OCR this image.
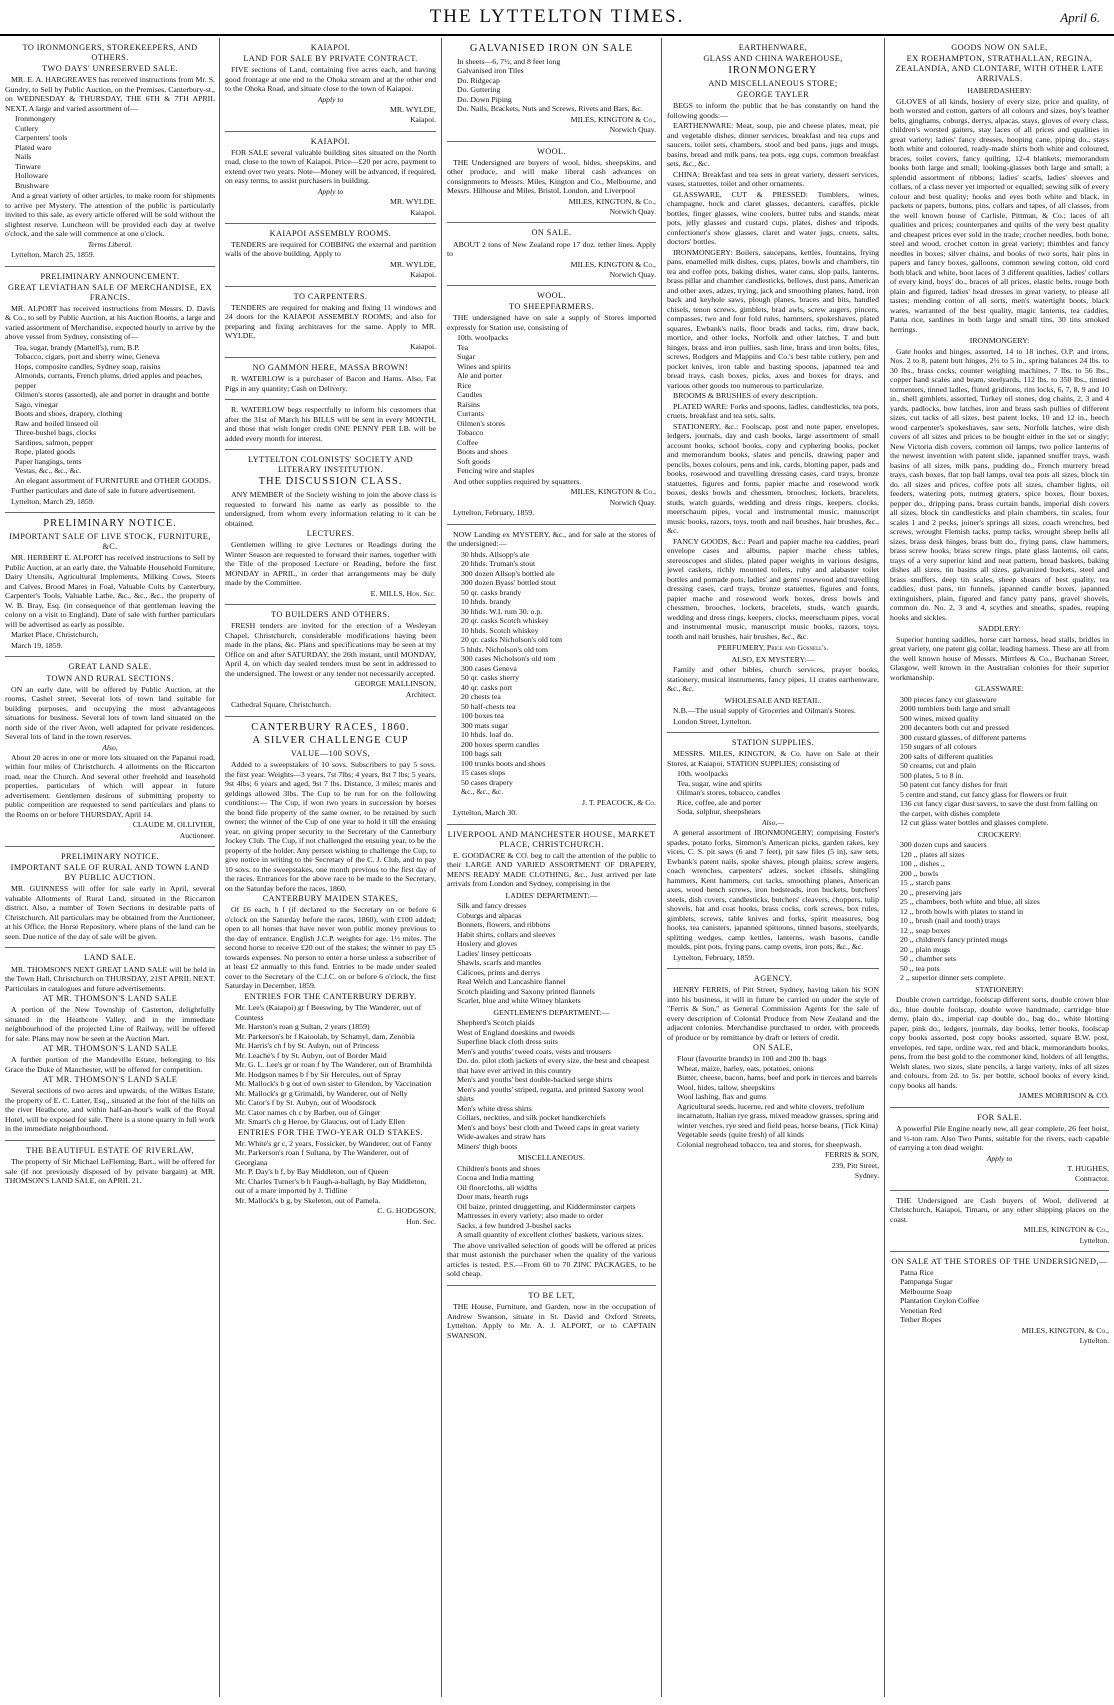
THE LYTTELTON TIMES.	April 6.
TO IRONMONGERS, STOREKEEPERS, AND OTHERS.
TWO DAYS' UNRESERVED SALE.
MR. E. A. HARGREAVES has received instructions from Mr. S. Gundry, to Sell by Public Auction, on the Premises, Canterbury-st., on WEDNESDAY & THURSDAY, THE 6TH & 7TH APRIL NEXT, A large and varied assortment of—
Ironmongery
Cutlery
Carpenters' tools
Plated ware
Nails
Tinware
Holloware
Brushware
And a great variety of other articles, to make room for shipments to arrive per Mystery. The attention of the public is particularly invited to this sale, as every article offered will be sold without the slightest reserve. Luncheon will be provided each day at twelve o'clock, and the sale will commence at one o'clock.
Terms Liberal.
Lyttelton, March 25, 1859.
PRELIMINARY ANNOUNCEMENT.
GREAT LEVIATHAN SALE OF MERCHANDISE, EX FRANCIS.
MR. ALPORT has received instructions from Messrs. D. Davis & Co., to sell by Public Auction, at his Auction Rooms, a large and varied assortment of Merchandise, expected hourly to arrive by the above vessel from Sydney, consisting of—
Tea, sugar, brandy (Martell's), rum, B.P.
Tobacco, cigars, port and sherry wine, Geneva
Hops, composite candles, Sydney soap, raisins
Almonds, currants, French plums, dried apples and peaches, pepper
Oilmen's stores (assorted), ale and porter in draught and bottle
Sago, vinegar
Boots and shoes, drapery, clothing
Raw and boiled linseed oil
Three-bushel bags, clocks
Sardines, salmon, pepper
Rope, plated goods
Paper hangings, tents
Vestas, &c., &c., &c.
An elegant assortment of FURNITURE and OTHER GOODS.
Further particulars and date of sale in future advertisement.
Lyttelton, March 29, 1859.
PRELIMINARY NOTICE.
IMPORTANT SALE OF LIVE STOCK, FURNITURE, &C.
MR. HERBERT E. ALPORT has received instructions to Sell by Public Auction, at an early date, the Valuable Household Furniture, Dairy Utensils, Agricultural Implements, Milking Cows, Steers and Calves, Brood Mares in Foal, Valuable Colts by Canterbury, Carpenter's Tools, Valuable Lathe, &c., &c., &c., the property of W. B. Bray, Esq. (in consequence of that gentleman leaving the colony on a visit to England). Date of sale with further particulars will be advertised as early as possible.
Market Place, Christchurch,
March 19, 1859.
GREAT LAND SALE.
TOWN AND RURAL SECTIONS.
ON an early date, will be offered by Public Auction, at the rooms, Cashel street, Several lots of town land suitable for building purposes, and occupying the most advantageous situations for business. Several lots of town land situated on the north side of the river Avon, well adapted for private residences. Several lots of land in the town reserves.
Also,
About 20 acres in one or more lots situated on the Papanui road, within four miles of Christchurch. 4 allotments on the Riccarton road, near the Church. And several other freehold and leasehold properties, particulars of which will appear in future advertisement. Gentlemen desirous of submitting property to public competition are requested to send particulars and plans to the Rooms on or before THURSDAY, April 14.
CLAUDE M. OLLIVIER,
Auctioneer.
PRELIMINARY NOTICE.
IMPORTANT SALE OF RURAL AND TOWN LAND BY PUBLIC AUCTION.
MR. GUINNESS will offer for sale early in April, several valuable Allotments of Rural Land, situated in the Riccarton district. Also, a number of Town Sections in desirable parts of Christchurch. All particulars may be obtained from the Auctioneer, at his Office, the Horse Repository, where plans of the land can be seen. Due notice of the day of sale will be given.
LAND SALE.
MR. THOMSON'S NEXT GREAT LAND SALE will be held in the Town Hall, Christchurch on THURSDAY, 21ST APRIL NEXT. Particulars in catalogues and future advertisements.
AT MR. THOMSON'S LAND SALE
A portion of the New Township of Casterton, delightfully situated in the Heathcote Valley, and in the immediate neighbourhood of the projected Line of Railway, will be offered for sale. Plans may now be seen at the Auction Mart.
AT MR. THOMSON'S LAND SALE
A further portion of the Mandeville Estate, belonging to his Grace the Duke of Manchester, will be offered for competition.
AT MR. THOMSON'S LAND SALE
Several sections of two acres and upwards, of the Wilkes Estate, the property of E. C. Latter, Esq., situated at the foot of the hills on the river Heathcote, and within half-an-hour's walk of the Royal Hotel, will be exposed for sale. There is a stone quarry in full work in the immediate neighbourhood.
THE BEAUTIFUL ESTATE OF RIVERLAW,
The property of Sir Michael LeFleming, Bart., will be offered for sale (if not previously disposed of by private bargain) at MR. THOMSON'S LAND SALE, on APRIL 21.
KAIAPOI.
LAND FOR SALE BY PRIVATE CONTRACT.
FIVE sections of Land, containing five acres each, and having good frontage at one end to the Ohoka stream and at the other end to the Ohoka Road, and situate close to the town of Kaiapoi.
Apply to
MR. WYLDE,
Kaiapoi.
KAIAPOI.
FOR SALE several valuable building sites situated on the North road, close to the town of Kaiapoi. Price—£20 per acre, payment to extend over two years. Note—Money will be advanced, if required, on easy terms, to assist purchasers in building.
Apply to
MR. WYLDE.
Kaiapoi.
KAIAPOI ASSEMBLY ROOMS.
TENDERS are required for COBBING the external and partition walls of the above building. Apply to
MR. WYLDE,
Kaiapoi.
TO CARPENTERS.
TENDERS are required for making and fixing 11 windows and 24 doors for the KAIAPOI ASSEMBLY ROOMS; and also for preparing and fixing architraves for the same. Apply to MR. WYLDE,
Kaiapoi.
NO GAMMON HERE, MASSA BROWN!
R. WATERLOW is a purchaser of Bacon and Hams. Also, Fat Pigs in any quantity; Cash on Delivery.
R. WATERLOW begs respectfully to inform his customers that after the 31st of March his BILLS will be sent in every MONTH, and those that wish longer credit ONE PENNY PER LB. will be added every month for interest.
LYTTELTON COLONISTS' SOCIETY AND LITERARY INSTITUTION.
THE DISCUSSION CLASS.
ANY MEMBER of the Society wishing to join the above class is requested to forward his name as early as possible to the undersigned, from whom every information relating to it can be obtained.
LECTURES.
Gentlemen willing to give Lectures or Readings during the Winter Season are requested to forward their names, together with the Title of the proposed Lecture or Reading, before the first MONDAY in APRIL, in order that arrangements may be duly made by the Committee.
E. MILLS, Hon. Sec.
TO BUILDERS AND OTHERS.
FRESH tenders are invited for the erection of a Wesleyan Chapel, Christchurch, considerable modifications having been made in the plans, &c. Plans and specifications may be seen at my Office on and after SATURDAY, the 26th instant, until MONDAY, April 4, on which day sealed tenders must be sent in addressed to the undersigned. The lowest or any tender not necessarily accepted.
GEORGE MALLINSON,
Architect.
Cathedral Square, Christchurch.
CANTERBURY RACES, 1860.
A SILVER CHALLENGE CUP
VALUE—100 SOVS,
Added to a sweepstakes of 10 sovs. Subscribers to pay 5 sovs. the first year. Weights—3 years, 7st 7lbs; 4 years, 8st 7 lbs; 5 years, 9st 4lbs; 6 years and aged, 9st 7 lbs. Distance, 3 miles; mares and geldings allowed 3lbs. The Cup to be run for on the following conditions:— The Cup, if won two years in succession by horses the bond fide property of the same owner, to be retained by such owner; the winner of the Cup of one year to hold it till the ensuing year, on giving proper security to the Secretary of the Canterbury Jockey Club. The Cup, if not challenged the ensuing year, to be the property of the holder. Any person wishing to challenge the Cup, to give notice in writing to the Secretary of the C. J. Club, and to pay 10 sovs. to the sweepstakes, one month previous to the first day of the races. Entrances for the above race to be made to the Secretary, on the Saturday before the races, 1860.
CANTERBURY MAIDEN STAKES,
Of £6 each, h f (if declared to the Secretary on or before 6 o'clock on the Saturday before the races, 1860), with £100 added; open to all horses that have never won public money previous to the day of entrance. English J.C.P. weights for age. 1½ miles. The second horse to receive £20 out of the stakes; the winner to pay £5 towards expenses. No person to enter a horse unless a subscriber of at least £2 annually to this fund. Entries to be made under sealed cover to the Secretary of the C.J.C. on or before 6 o'clock, the first Saturday in December, 1859.
ENTRIES FOR THE CANTERBURY DERBY.
Mr. Lee's (Kaiapoi) gr f Beeswing, by The Wanderer, out of Countess
Mr. Harston's roan g Sultan, 2 years (1859)
Mr. Parkerson's br f Kaioolab, by Schamyl, dam, Zenobia
Mr. Harris's ch f by St. Aubyn, out of Princess
Mr. Leache's f by St. Aubyn, out of Border Maid
Mr. G. L. Lee's gr or roan f by The Wanderer, out of Bramhilda
Mr. Hodgson names b f by Sir Hercules, out of Spray
Mr. Mallock's b g out of own sister to Glendon, by Vaccination
Mr. Mallock's gr g Grimaldi, by Wanderer, out of Nelly
Mr. Cator's f by St. Aubyn, out of Woodstock
Mr. Cator names ch c by Barber, out of Ginger
Mr. Smart's ch g Heroe, by Glaucus, out of Lady Ellen
ENTRIES FOR THE TWO-YEAR OLD STAKES.
Mr. White's gr c, 2 years, Fossicker, by Wanderer, out of Fanny
Mr. Parkerson's roan f Sultana, by The Wanderer, out of Georgiana
Mr. P. Day's b f, by Bay Middleton, out of Queen
Mr. Charles Turner's b h Faugh-a-ballagh, by Bay Middleton, out of a mare imported by J. Tidline
Mr. Mallock's b g, by Skeleton, out of Pamela.
C. G. HODGSON,
Hon. Sec.
GALVANISED IRON ON SALE
In sheets—6, 7½, and 8 feet long
Galvanised iron Tiles
Do. Ridgecap
Do. Guttering
Do. Down Piping
Do. Nails, Brackets, Nuts and Screws, Rivets and Bars, &c.
MILES, KINGTON & Co.,
Norwich Quay.
WOOL.
THE Undersigned are buyers of wool, hides, sheepskins, and other produce, and will make liberal cash advances on consignments to Messrs. Miles, Kington and Co., Melbourne, and Messrs. Hilhouse and Miles, Bristol, London, and Liverpool
MILES, KINGTON, & Co.,
Norwich Quay.
ON SALE.
ABOUT 2 tons of New Zealand rope 17 doz. tether lines. Apply to
MILES, KINGTON & Co.,
Norwich Quay.
WOOL.
TO SHEEPFARMERS.
THE undersigned have on sale a supply of Stores imported expressly for Station use, consisting of
10th. woolpacks
Tea
Sugar
Wines and spirits
Ale and porter
Rice
Candles
Raisins
Currants
Oilmen's stores
Tobacco
Coffee
Boots and shoes
Soft goods
Fencing wire and staples
And other supplies required by squatters.
MILES, KINGTON & Co.,
Norwich Quay.
Lyttelton, February, 1859.
NOW Landing ex MYSTERY, &c., and for sale at the stores of the undersigned:—
30 hhds. Allsopp's ale
20 hhds. Truman's stout
300 dozen Allsop's bottled ale
300 dozen Byass' bottled stout
50 qr. casks brandy
10 hhds. brandy
30 hhds. W.I. rum 30. o.p.
20 qr. casks Scotch whiskey
10 hhds. Scotch whiskey
20 qr. casks Nicholson's old tom
5 hhds. Nicholson's old tom
300 cases Nicholson's old tom
300 cases Geneva
50 qr. casks sherry
40 qr. casks port
20 chests tea
50 half-chests tea
100 boxes tea
300 mats sugar
10 hhds. loaf do.
200 boxes sperm candles
100 bags salt
100 trunks boots and shoes
15 cases slops
50 cases drapery
&c., &c., &c.
J. T. PEACOCK, & Co.
Lyttelton, March 30.
LIVERPOOL AND MANCHESTER HOUSE, MARKET PLACE, CHRISTCHURCH.
E. GOODACRE & CO. beg to call the attention of the public to their LARGE AND VARIED ASSORTMENT OF DRAPERY, MEN'S READY MADE CLOTHING, &c., Just arrived per late arrivals from London and Sydney, comprising in the
LADIES' DEPARTMENT:—
Silk and fancy dresses
Coburgs and alpacas
Bonnets, flowers, and ribbons
Habit shirts, collars and sleeves
Hosiery and gloves
Ladies' linsey petticoats
Shawls, scarfs and mantles
Calicoes, prints and derrys
Real Welch and Lancashire flannel
Scotch plaiding and Saxony printed flannels
Scarlet, blue and white Witney blankets
GENTLEMEN'S DEPARTMENT:—
Shepherd's Scotch plaids
West of England doeskins and tweeds
Superfine black cloth dress suits
Men's and youths' tweed coats, vests and trousers
Do. do. pilot cloth jackets of every size, the best and cheapest that have ever arrived in this country
Men's and youths' best double-backed serge shirts
Men's and youths' striped, regatta, and printed Saxony wool shirts
Men's white dress shirts
Collars, neckties, and silk pocket handkerchiefs
Men's and boys' best cloth and Tweed caps in great variety
Wide-awakes and straw hats
Miners' thigh boots
MISCELLANEOUS.
Children's boots and shoes
Cocoa and India matting
Oil floorcloths, all widths
Door mats, hearth rugs
Oil baize, printed druggetting, and Kidderminster carpets
Mattresses in every variety; also made to order
Sacks, a few hundred 3-bushel sacks
A small quantity of excellent clothes' baskets, various sizes.
The above unrivalled selection of goods will be offered at prices that must astonish the purchaser when the quality of the various articles is tested. P.S.—From 60 to 70 ZINC PACKAGES, to be sold cheap.
TO BE LET,
THE House, Furniture, and Garden, now in the occupation of Andrew Swanson, situate in St. David and Oxford Streets, Lyttelton. Apply to Mr. A. J. ALPORT, or to CAPTAIN SWANSON.
EARTHENWARE,
GLASS AND CHINA WAREHOUSE,
IRONMONGERY
AND MISCELLANEOUS STORE;
GEORGE TAYLER
BEGS to inform the public that he has constantly on hand the following goods:—
EARTHENWARE: Meat, soup, pie and cheese plates, meat, pie and vegetable dishes, dinner services, breakfast and tea cups and saucers, toilet sets, chambers, stool and bed pans, jugs and mugs, basins, bread and milk pans, tea pots, egg cups, common breakfast sets, &c., &c.
CHINA: Breakfast and tea sets in great variety, dessert services, vases, statuettes, toilet and other ornaments.
GLASSWARE, CUT & PRESSED: Tumblers, wines, champagne, hock and claret glasses, decanters, caraffes, pickle bottles, finger glasses, wine coolers, butter tubs and stands, meat pots, jelly glasses and custard cups, plates, dishes and tripods, confectioner's show glasses, claret and water jugs, cruets, salts, doctors' bottles.
IRONMONGERY: Boilers, saucepans, kettles, fountains, frying pans, enamelled milk dishes, cups, plates, bowls and chambers, tin tea and coffee pots, baking dishes, water cans, slop pails, lanterns, brass pillar and chamber candlesticks, bellows, dust pans, American and other axes, adzes, trying, jack and smoothing planes, hand, iron back and keyhole saws, plough planes, braces and bits, handled chisels, tenon screws, gimblets, brad awls, screw augers, pincers, compasses, two and four fold rules, hammers, spokeshaves, plated squares, Ewbank's nails, floor brads and tacks, rim, draw back, mortice, and other locks, Norfolk and other latches, T and butt hinges, brass and iron pullies, sash line, brass and iron bolts, files, screws, Rodgers and Mappins and Co.'s best table cutlery, pen and pocket knives, iron table and basting spoons, japanned tea and bread trays, cash boxes, picks, axes and boxes for drays, and various other goods too numerous to particularize.
BROOMS & BRUSHES of every description.
PLATED WARE: Forks and spoons, ladles, candlesticks, tea pots, cruets, breakfast and tea sets, salts.
STATIONERY, &c.: Foolscap, post and note paper, envelopes, ledgers, journals, day and cash books, large assortment of small account books, school books, copy and cyphering books, pocket and memorandum books, slates and pencils, drawing paper and pencils, boxes colours, pens and ink, cards, blotting paper, pads and books, rosewood and travelling dressing cases, card trays, bronze statuettes, figures and fonts, papier mache and rosewood work boxes, desks bowls and chessmen, brooches, lockets, bracelets, studs, watch guards, wedding and dress rings, keepers, clocks, meerschaum pipes, vocal and instrumental music, manuscript music books, razors, toys, tooth and nail brushes, hair brushes, &c., &c.
FANCY GOODS, &c.: Pearl and papier mache tea caddies, pearl envelope cases and albums, papier mache chess tables, stereoscopes and slides, plated paper weights in various designs, jewel caskets, richly mounted toilets, ruby and alabaster toilet bottles and pomade pots, ladies' and gents' rosewood and travelling dressing cases, card trays, bronze statuettes, figures and fonts, papier mache and rosewood work boxes, dress bowls and chessmen, brooches, lockets, bracelets, studs, watch guards, wedding and dress rings, keepers, clocks, meerschaum pipes, vocal and instrumental music, manuscript music books, razors, toys, tooth and nail brushes, hair brushes, &c., &c.
PERFUMERY, Price and Gosnell's.
ALSO, EX MYSTERY:—
Family and other bibles, church services, prayer books, stationery, musical instruments, fancy pipes, 11 crates earthenware, &c., &c.
WHOLESALE AND RETAIL.
N.B.—The usual supply of Groceries and Oilman's Stores.
London Street, Lyttelton.
STATION SUPPLIES.
MESSRS. MILES, KINGTON, & Co. have on Sale at their Stores, at Kaiapoi, STATION SUPPLIES; consisting of
10th. woolpacks
Tea, sugar, wine and spirits
Oilman's stores, tobacco, candles
Rice, coffee, ale and porter
Soda, sulphur, sheepshears
Also,—
A general assortment of IRONMONGERY; comprising Foster's spades, potato forks, Simmon's American picks, garden rakes, key vices, C. S. pit saws (6 and 7 feet), pit saw files (5 in), saw sets, Ewbank's patent nails, spoke shaves, plough plains, screw augers, coach wrenches, carpenters' adzes, socket chisels, shingling hammers, Kent hammers, cut tacks, smoothing planes, American axes, wood bench screws, iron bedsteads, iron buckets, butchers' steels, dish covers, candlesticks, butchers' cleavers, choppers, tulip shovels, hat and coat hooks, brass cocks, cork screws, box rules, gimblets, screws, table knives and forks, spirit measures, bog hooks, tea canisters, japanned spittoons, tinned basons, steelyards, splitting wedges, camp kettles, lanterns, wash basons, candle moulds, pint pots, frying pans, camp ovens, iron pots, &c., &c.
Lyttelton, February, 1859.
AGENCY.
HENRY FERRIS, of Pitt Street, Sydney, having taken his SON into his business, it will in future be carried on under the style of "Ferris & Son," as General Commission Agents for the sale of every description of Colonial Produce from New Zealand and the adjacent colonies. Merchandise purchased to order, with proceeds of produce or by remittance by draft or letters of credit.
ON SALE,
Flour (favourite brands) in 100 and 200 lb. bags
Wheat, maize, barley, oats, potatoes, onions
Butter, cheese, bacon, hams, beef and pork in tierces and barrels
Wool, hides, tallow, sheepskins
Wool lashing, flax and gums
Agricultural seeds, lucerne, red and white clovers, trefolium incarnatum, Italian rye grass, mixed meadow grasses, spring and winter vetches, rye seed and field peas, horse beans, (Tick Kina)
Vegetable seeds (quite fresh) of all kinds
Colonial negrohead tobacco, tea and stores, for sheepwash.
FERRIS & SON,
239, Pitt Street,
Sydney.
GOODS NOW ON SALE,
EX ROEHAMPTON, STRATHALLAN, REGINA, ZEALANDIA, AND CLONTARF, WITH OTHER LATE ARRIVALS.
HABERDASHERY:
GLOVES of all kinds, hosiery of every size, price and quality, of both worsted and cotton, garters of all colours and sizes, boy's leather belts, ginghams, coburgs, derrys, alpacas, stays, gloves of every class, children's worsted gaiters, stay laces of all prices and qualities in great variety; ladies' fancy dresses, hooping cane, piping do., stays both white and coloured, ready-made shirts both white and coloured, braces, toilet covers, fancy quilting, 12-4 blankets, memorandum books both large and small; looking-glasses both large and small; a splendid assortment of ribbons; ladies' scarfs, ladies' sleeves and collars, of a class never yet imported or equalled; sewing silk of every colour and best quality; hooks and eyes both white and black, in packets or papers, buttons, pins, collars and tapes, of all classes, from the well known house of Carlisle, Pittman, & Co.; laces of all qualities and prices; counterpanes and quilts of the very best quality and cheapest prices ever sold in the trade; crochet needles, both bone, steel and wood, crochet cotton in great variety; thimbles and fancy needles in boxes; silver chains, and books of two sorts, hair pins in papers and fancy boxes, galloons, common sewing cotton, old cord both black and white, boot laces of 3 different qualities, ladies' collars of every kind, boys' do., braces of all prices, elastic belts, rouge both plain and figured, ladies' head dresses in great variety, to please all tastes; mending cotton of all sorts, men's watertight boots, black wares, warranted of the best quality, magic lanterns, tea caddies, Patna rice, sardines in both large and small tins, 30 tins smoked herrings.
IRONMONGERY:
Gate hooks and hinges, assorted, 14 to 18 inches, O.P. and irons, Nos. 2 to 8, patent butt hinges, 2½ to 5 in., spring balances 24 lbs. to 30 lbs., brass cocks, counter weighing machines, 7 lbs. to 56 lbs., copper hand scales and beam, steelyards, 112 lbs. to 350 lbs., tinned tormenters, tinned ladles, fluted gridirons, rim locks, 6, 7, 8, 9 and 10 in., shell gimblets, assorted, Turkey oil stones, dog chains, 2, 3 and 4 yards, padlocks, bow latches, iron and brass sash pullies of different sizes, cut tacks of all sizes, best patent locks, 10 and 12 in., beech wood carpenter's spokeshaves, saw sets, Norfolk latches, wire dish covers of all sizes and prices to be bought either in the set or singly; New Victoria dish covers, common oil lamps, two police lanterns of the newest invention with patent slide, japanned snuffer trays, wash basins of all sizes, milk pans, pudding do., French murrery bread trays, cash boxes, flat top ball lamps, oval tea pots all sizes, block tin do. all sizes and prices, coffee pots all sizes, chamber lights, oil feeders, watering pots, nutmeg graters, spice boxes, flour boxes, pepper do., dripping pans, brass curtain bands, imperial dish covers all sizes, block tin candlesticks and plain chambers, tin scales, four scales 1 and 2 pecks, joiner's springs all sizes, coach wrenches, bed screws, wrought Flemish tacks, pump tacks, wrought sheep bells all sizes, brass desk hinges, brass butt do., frying pans, claw hammers, brass screw hooks, brass screw rings, plate glass lanterns, oil cans, trays of a very superior kind and neat pattern, bread baskets, baking dishes all sizes, tin basins all sizes, galvanized buckets, steel and brass snuffers, deep tin scales, sheep shears of best quality, tea caddies, dust pans, tin funnels, japanned candle boxes, japanned extinguishers, plain, figured and fancy patty pans, gravel shovels, common do. No. 2, 3 and 4, scythes and sneaths, spades, reaping hooks and sickles.
SADDLERY:
Superior hunting saddles, horse cart harness, head stalls, bridles in great variety, one patent gig collar, leading harness. These are all from the well known house of Messrs. Mirrlees & Co., Buchanan Street, Glasgow, well known in the Australian colonies for their superior workmanship.
GLASSWARE:
300 pieces fancy cut glassware
2000 tumblers both large and small
500 wines, mixed quality
200 decanters both cut and pressed
300 custard glasses, of different patterns
150 sugars of all colours
200 salts of different qualities
50 creams, cut and plain
500 plates, 5 to 8 in.
50 patent cut fancy dishes for fruit
5 centre and stand, cut fancy glass for flowers or fruit
136 cut fancy cigar dust savers, to save the dust from falling on the carpet, with dishes complete
12 cut glass water bottles and glasses complete.
CROCKERY:
300 dozen cups and saucers
120 ,, plates all sizes
100 ,, dishes ,,
200 ,, bowls
15 ,, starch pans
20 ,, preserving jars
25 ,, chambers, both white and blue, all sizes
12 ,, broth bowls with plates to stand in
10 ,, brush (nail and tooth) trays
12 ,, soap boxes
20 ,, children's fancy printed mugs
20 ,, plain mugs
50 ,, chamber sets
50 ,, tea pots
2 ,, superior dinner sets complete.
STATIONERY:
Double crown cartridge, foolscap different sorts, double crown blue do., blue double foolscap, double wove handmade, cartridge blue demy, plain do., imperial cap double do., bag do., white blotting paper, pink do., ledgers, journals, day books, letter books, foolscap copy books assorted, post copy books assorted, square B.W. post, envelopes, red tape, ordine wax, red and black, memorandum books, pens, from the best gold to the commoner kind, holders of all lengths, Welsh slates, two sizes, slate pencils, a large variety, inks of all sizes and colours, from 2d. to 5s. per bottle, school books of every kind, copy books all hands.
JAMES MORRISON & CO.
FOR SALE.
A powerful Pile Engine nearly new, all gear complete, 26 feet hoist, and ½-ton ram. Also Two Punts, suitable for the rivers, each capable of carrying a ton dead weight.
Apply to
T. HUGHES,
Contractor.
THE Undersigned are Cash buyers of Wool, delivered at Christchurch, Kaiapoi, Timaru, or any other shipping places on the coast.
MILES, KINGTON & Co.,
Lyttelton.
ON SALE AT THE STORES OF THE UNDERSIGNED,—
Patna Rice
Pampanga Sugar
Melbourne Soap
Plantation Ceylon Coffee
Venetian Red
Tether Ropes
MILES, KINGTON, & Co.,
Lyttelton.
